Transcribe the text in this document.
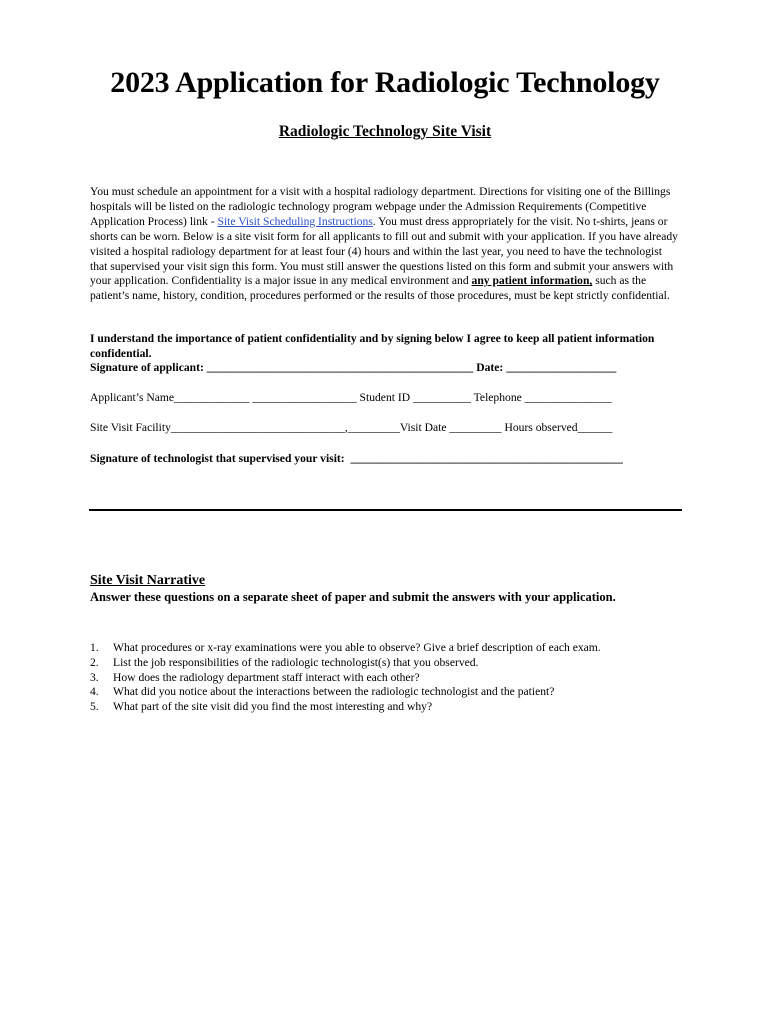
2023 Application for Radiologic Technology
Radiologic Technology Site Visit
You must schedule an appointment for a visit with a hospital radiology department. Directions for visiting one of the Billings hospitals will be listed on the radiologic technology program webpage under the Admission Requirements (Competitive Application Process) link - Site Visit Scheduling Instructions. You must dress appropriately for the visit. No t-shirts, jeans or shorts can be worn. Below is a site visit form for all applicants to fill out and submit with your application. If you have already visited a hospital radiology department for at least four (4) hours and within the last year, you need to have the technologist that supervised your visit sign this form. You must still answer the questions listed on this form and submit your answers with your application. Confidentiality is a major issue in any medical environment and any patient information, such as the patient’s name, history, condition, procedures performed or the results of those procedures, must be kept strictly confidential.
I understand the importance of patient confidentiality and by signing below I agree to keep all patient information confidential.
Signature of applicant: ______________________________________________ Date: ___________________
Applicant’s Name_____________ __________________ Student ID __________ Telephone _______________
Site Visit Facility______________________________,_________Visit Date _________ Hours observed______
Signature of technologist that supervised your visit:  _______________________________________________
Site Visit Narrative
Answer these questions on a separate sheet of paper and submit the answers with your application.
1.	What procedures or x-ray examinations were you able to observe? Give a brief description of each exam.
2.	List the job responsibilities of the radiologic technologist(s) that you observed.
3.	How does the radiology department staff interact with each other?
4.	What did you notice about the interactions between the radiologic technologist and the patient?
5.	What part of the site visit did you find the most interesting and why?
